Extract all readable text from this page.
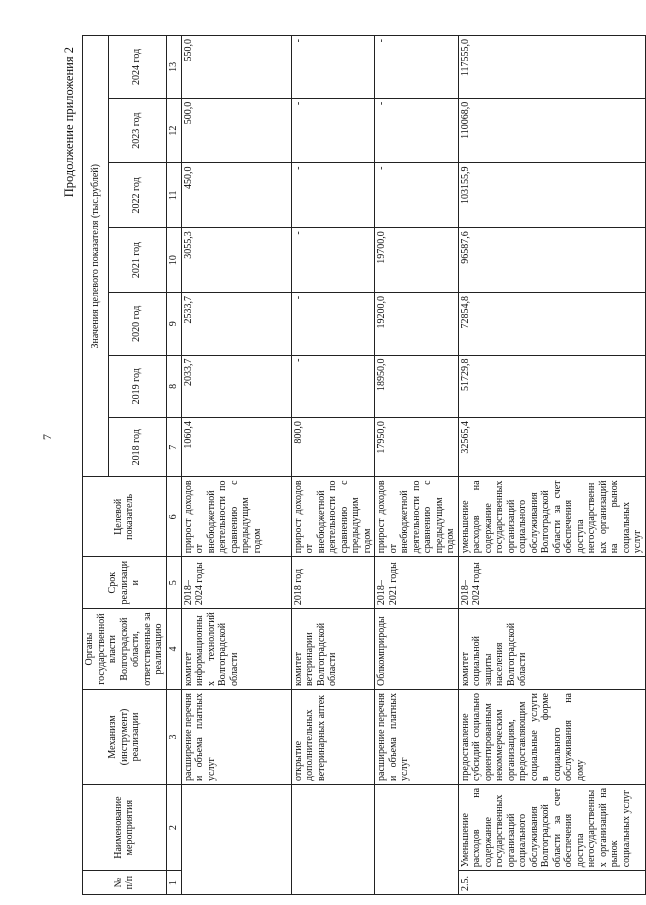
7
Продолжение приложения 2
№ п/п	Наименование мероприятия	Механизм (инструмент) реализации	Органы государственной власти Волгоградской области, ответственные за реализацию	Срок реализации	Целевой показатель	Значения целевого показателя (тыс.рублей)						
						2018 год	2019 год	2020 год	2021 год	2022 год	2023 год	2024 год
1	2	3	4	5	6	7	8	9	10	11	12	13
		расширение перечня и объема платных услуг	комитет информационных технологий Волгоградской области	2018–2024 годы	прирост доходов от внебюджетной деятельности по сравнению с предыдущим годом	1060,4	2033,7	2533,7	3055,3	450,0	500,0	550,0
		открытие дополнительных ветеринарных аптек	комитет ветеринарии Волгоградской области	2018 год	прирост доходов от внебюджетной деятельности по сравнению с предыдущим годом	800,0	-	-	-	-	-	-
		расширение перечня и объема платных услуг	Облкомприроды	2018–2021 годы	прирост доходов от внебюджетной деятельности по сравнению с предыдущим годом	17950,0	18950,0	19200,0	19700,0	-	-	-
2.5.	Уменьшение расходов на содержание государственных организаций социального обслуживания Волгоградской области за счет обеспечения доступа негосударственных организаций на рынок социальных услуг	предоставление субсидий социально ориентированным некоммерческим организациям, предоставляющим социальные услуги в форме социального обслуживания на дому	комитет социальной защиты населения Волгоградской области	2018–2024 годы	уменьшение расходов на содержание государственных организаций социального обслуживания Волгоградской области за счет обеспечения доступа негосударственных организаций на рынок социальных услуг	32565,4	51729,8	72854,8	96587,6	103155,9	110068,0	117555,0
